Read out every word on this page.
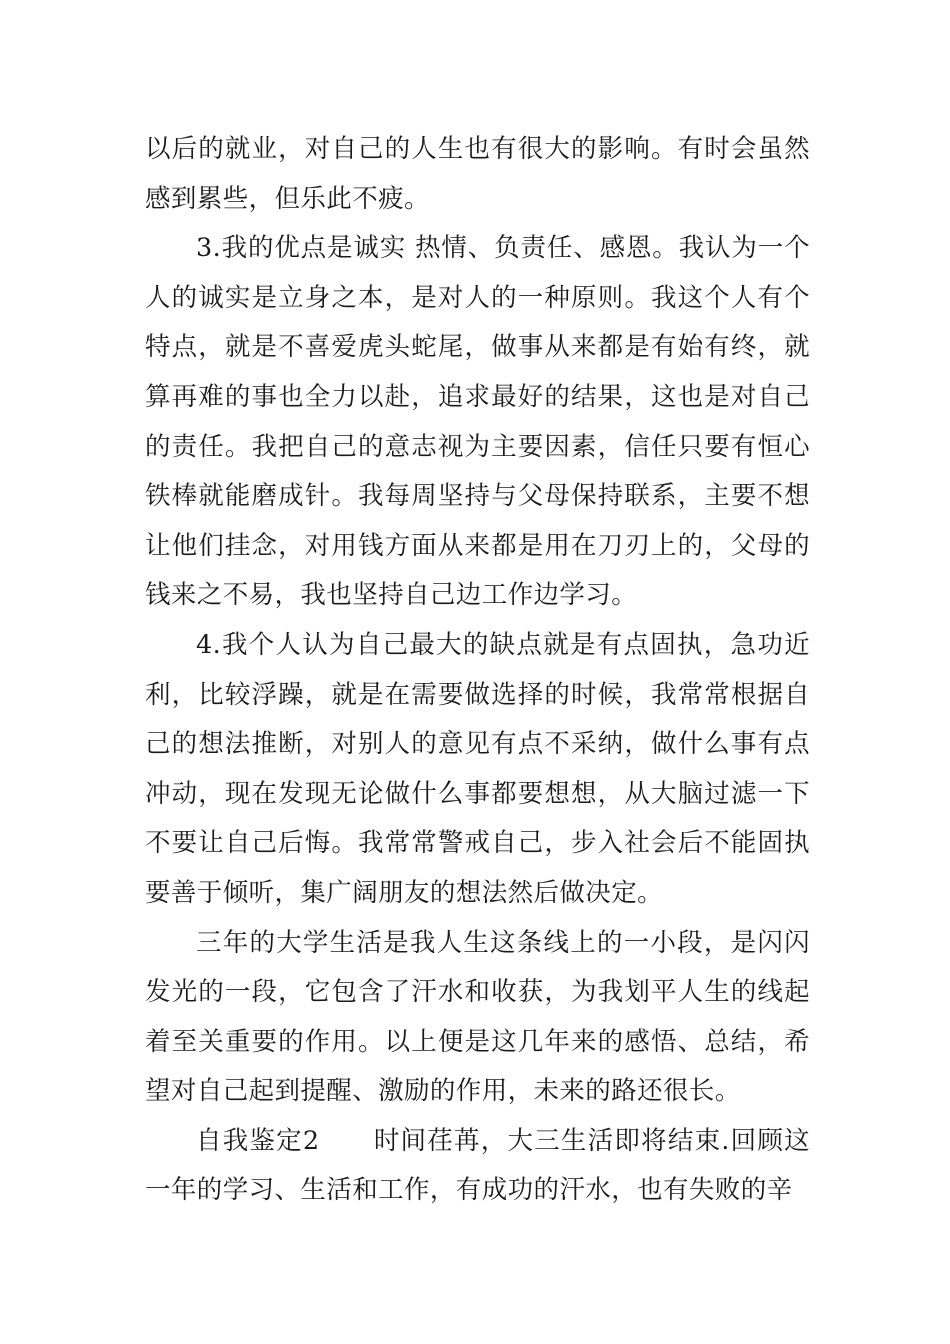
以后的就业，对自己的人生也有很大的影响。有时会虽然感到累些，但乐此不疲。

3.我的优点是诚实 热情、负责任、感恩。我认为一个人的诚实是立身之本，是对人的一种原则。我这个人有个特点，就是不喜爱虎头蛇尾，做事从来都是有始有终，就算再难的事也全力以赴，追求最好的结果，这也是对自己的责任。我把自己的意志视为主要因素，信任只要有恒心铁棒就能磨成针。我每周坚持与父母保持联系，主要不想让他们挂念，对用钱方面从来都是用在刀刃上的，父母的钱来之不易，我也坚持自己边工作边学习。

4.我个人认为自己最大的缺点就是有点固执，急功近利，比较浮躁，就是在需要做选择的时候，我常常根据自己的想法推断，对别人的意见有点不采纳，做什么事有点冲动，现在发现无论做什么事都要想想，从大脑过滤一下不要让自己后悔。我常常警戒自己，步入社会后不能固执要善于倾听，集广阔朋友的想法然后做决定。

三年的大学生活是我人生这条线上的一小段，是闪闪发光的一段，它包含了汗水和收获，为我划平人生的线起着至关重要的作用。以上便是这几年来的感悟、总结，希望对自己起到提醒、激励的作用，未来的路还很长。

自我鉴定2　　时间荏苒，大三生活即将结束.回顾这一年的学习、生活和工作，有成功的汗水，也有失败的辛
